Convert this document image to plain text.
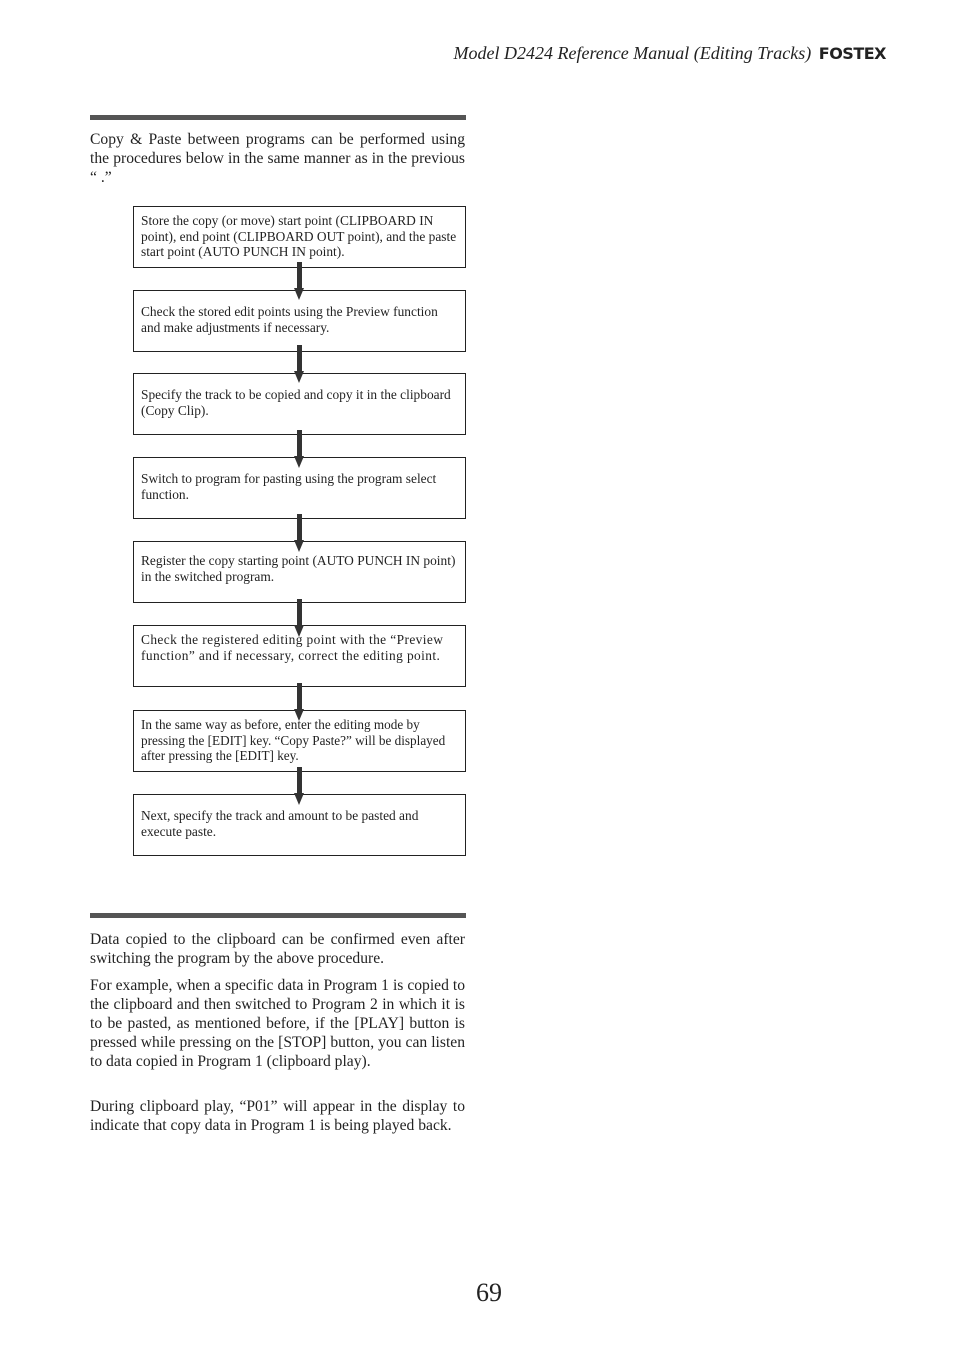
Model D2424 Reference Manual (Editing Tracks) FOSTEX

Copy & Paste between programs can be performed using the procedures below in the same manner as in the previous “ .”

Store the copy (or move) start point (CLIPBOARD IN point), end point (CLIPBOARD OUT point), and the paste start point (AUTO PUNCH IN point).
Check the stored edit points using the Preview function and make adjustments if necessary.
Specify the track to be copied and copy it in the clipboard (Copy Clip).
Switch to program for pasting using the program select function.
Register the copy starting point (AUTO PUNCH IN point) in the switched program.
Check the registered editing point with the “Preview function” and if necessary, correct the editing point.
In the same way as before, enter the editing mode by pressing the [EDIT] key. “Copy Paste?” will be displayed after pressing the [EDIT] key.
Next, specify the track and amount to be pasted and execute paste.

Data copied to the clipboard can be confirmed even after switching the program by the above procedure.

For example, when a specific data in Program 1 is copied to the clipboard and then switched to Program 2 in which it is to be pasted, as mentioned before, if the [PLAY] button is pressed while pressing on the [STOP] button, you can listen to data copied in Program 1 (clipboard play).

During clipboard play, “P01” will appear in the display to indicate that copy data in Program 1 is being played back.

69
